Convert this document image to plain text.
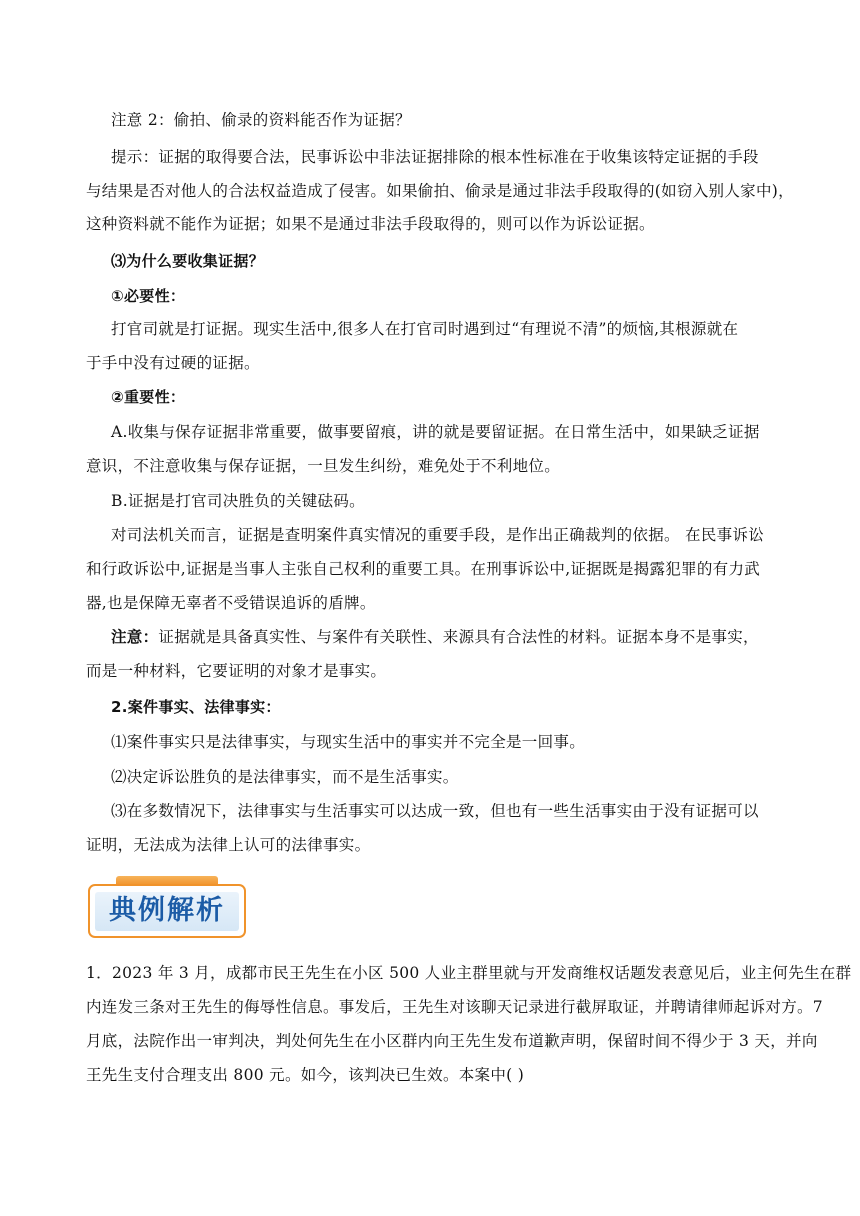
注意 2：偷拍、偷录的资料能否作为证据？
提示：证据的取得要合法，民事诉讼中非法证据排除的根本性标准在于收集该特定证据的手段
与结果是否对他人的合法权益造成了侵害。如果偷拍、偷录是通过非法手段取得的(如窃入别人家中)，
这种资料就不能作为证据；如果不是通过非法手段取得的，则可以作为诉讼证据。
⑶为什么要收集证据？
①必要性：
打官司就是打证据。现实生活中,很多人在打官司时遇到过“有理说不清”的烦恼,其根源就在
于手中没有过硬的证据。
②重要性：
A.收集与保存证据非常重要，做事要留痕，讲的就是要留证据。在日常生活中，如果缺乏证据
意识，不注意收集与保存证据，一旦发生纠纷，难免处于不利地位。
B.证据是打官司决胜负的关键砝码。
对司法机关而言，证据是查明案件真实情况的重要手段，是作出正确裁判的依据。 在民事诉讼
和行政诉讼中,证据是当事人主张自己权利的重要工具。在刑事诉讼中,证据既是揭露犯罪的有力武
器,也是保障无辜者不受错误追诉的盾牌。
注意：证据就是具备真实性、与案件有关联性、来源具有合法性的材料。证据本身不是事实，
而是一种材料，它要证明的对象才是事实。
2.案件事实、法律事实：
⑴案件事实只是法律事实，与现实生活中的事实并不完全是一回事。
⑵决定诉讼胜负的是法律事实，而不是生活事实。
⑶在多数情况下，法律事实与生活事实可以达成一致，但也有一些生活事实由于没有证据可以
证明，无法成为法律上认可的法律事实。
典例解析
1．2023 年 3 月，成都市民王先生在小区 500 人业主群里就与开发商维权话题发表意见后，业主何先生在群
内连发三条对王先生的侮辱性信息。事发后，王先生对该聊天记录进行截屏取证，并聘请律师起诉对方。7
月底，法院作出一审判决，判处何先生在小区群内向王先生发布道歉声明，保留时间不得少于 3 天，并向
王先生支付合理支出 800 元。如今，该判决已生效。本案中( )
